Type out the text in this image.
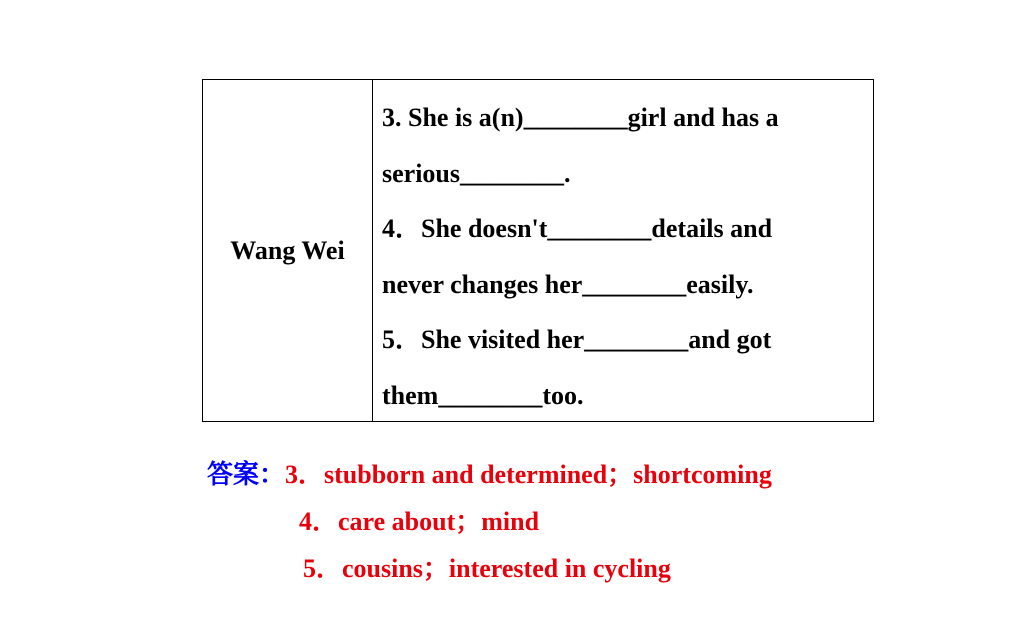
Wang Wei
3. She is a(n)________girl and has a
serious________.
4．She doesn't________details and
never changes her________easily.
5．She visited her________and got
them________too.
答案：3．stubborn and determined；shortcoming
4．care about；mind
5．cousins；interested in cycling
